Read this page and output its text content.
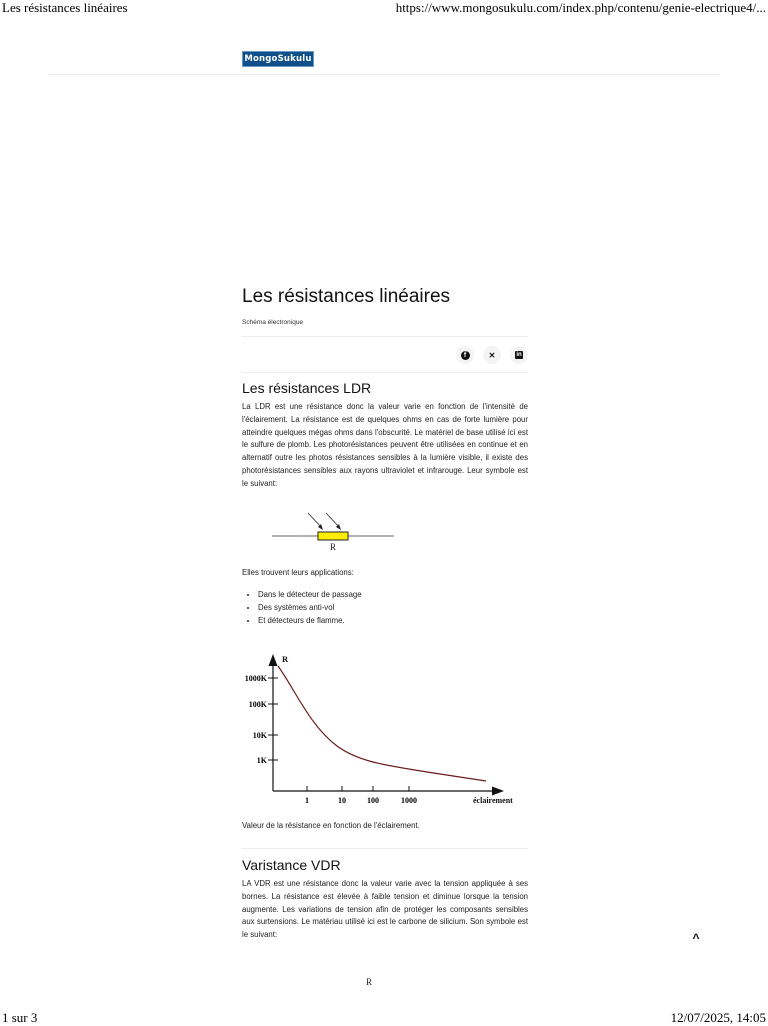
Les résistances linéaires	https://www.mongosukulu.com/index.php/contenu/genie-electrique4/...
MongoSukulu
Les résistances linéaires
Schéma électronique
f	✕	in
Les résistances LDR

La LDR est une résistance donc la valeur varie en fonction de l'intensité de l'éclairement. La résistance est de quelques ohms en cas de forte lumière pour atteindre quelques mégas ohms dans l'obscurité. Le matériel de base utilisé ici est le sulfure de plomb. Les photorésistances peuvent être utilisées en continue et en alternatif outre les photos résistances sensibles à la lumière visible, il existe des photorésistances sensibles aux rayons ultraviolet et infrarouge. Leur symbole est le suivant:

R
Elles trouvent leurs applications:
• Dans le détecteur de passage
• Des systèmes anti-vol
• Et détecteurs de flamme.
R
éclairement
1	10	100	1000
1K
10K
100K
1000K
Valeur de la résistance en fonction de l'éclairement.
Varistance VDR

LA VDR est une résistance donc la valeur varie avec la tension appliquée à ses bornes. La résistance est élevée à faible tension et diminue lorsque la tension augmente. Les variations de tension afin de protéger les composants sensibles aux surtensions. Le matériau utilisé ici est le carbone de silicium. Son symbole est le suivant:

R
^
1 sur 3	12/07/2025, 14:05
